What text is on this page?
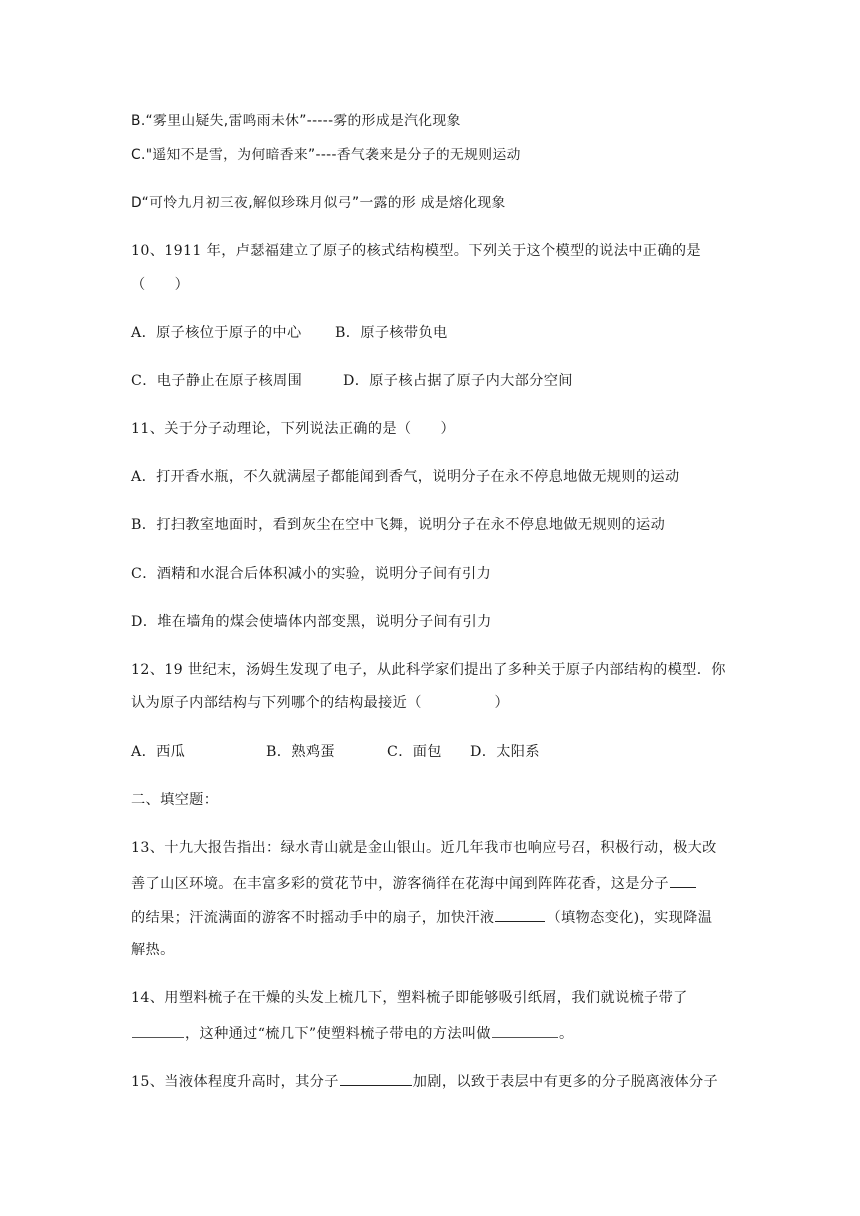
B.“雾里山疑失,雷鸣雨未休”-----雾的形成是汽化现象
C."遥知不是雪，为何暗香来”----香气袭来是分子的无规则运动
D“可怜九月初三夜,解似珍珠月似弓”一露的形 成是熔化现象
10、1911 年，卢瑟福建立了原子的核式结构模型。下列关于这个模型的说法中正确的是
（　　）
A．原子核位于原子的中心 B．原子核带负电
C．电子静止在原子核周围	D．原子核占据了原子内大部分空间
11、关于分子动理论，下列说法正确的是（　　）
A．打开香水瓶，不久就满屋子都能闻到香气，说明分子在永不停息地做无规则的运动
B．打扫教室地面时，看到灰尘在空中飞舞，说明分子在永不停息地做无规则的运动
C．酒精和水混合后体积减小的实验，说明分子间有引力
D．堆在墙角的煤会使墙体内部变黑，说明分子间有引力
12、19 世纪末，汤姆生发现了电子，从此科学家们提出了多种关于原子内部结构的模型．你
认为原子内部结构与下列哪个的结构最接近（　　　　　）
A．西瓜	B．熟鸡蛋	C．面包 D．太阳系
二、填空题：
13、十九大报告指出：绿水青山就是金山银山。近几年我市也响应号召，积极行动，极大改
善了山区环境。在丰富多彩的赏花节中，游客徜徉在花海中闻到阵阵花香，这是分子
的结果；汗流满面的游客不时摇动手中的扇子，加快汗液	（填物态变化)，实现降温
解热。
14、用塑料梳子在干燥的头发上梳几下，塑料梳子即能够吸引纸屑，我们就说梳子带了
，这种通过“梳几下”使塑料梳子带电的方法叫做	。
15、当液体程度升高时，其分子	加剧，以致于表层中有更多的分子脱离液体分子
